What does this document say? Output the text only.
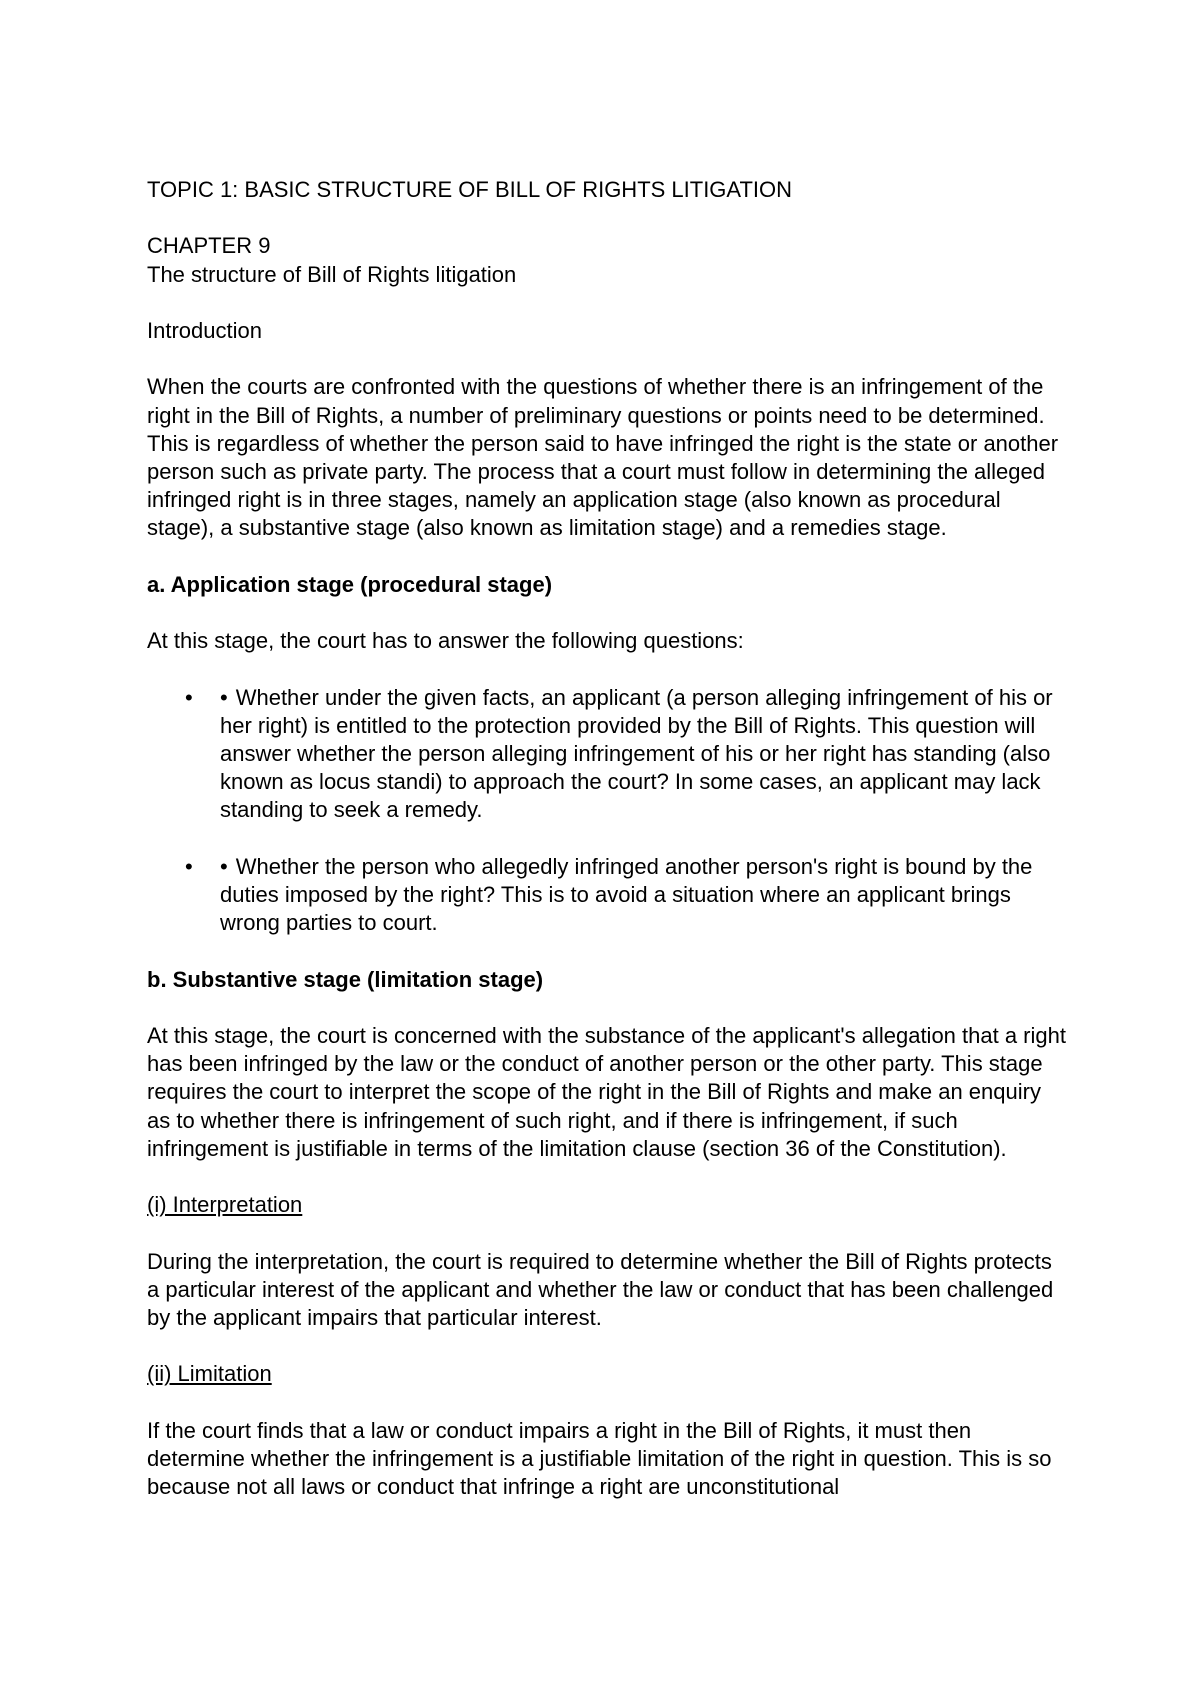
TOPIC 1: BASIC STRUCTURE OF BILL OF RIGHTS LITIGATION

CHAPTER 9

The structure of Bill of Rights litigation

Introduction

When the courts are confronted with the questions of whether there is an infringement of the right in the Bill of Rights, a number of preliminary questions or points need to be determined. This is regardless of whether the person said to have infringed the right is the state or another person such as private party. The process that a court must follow in determining the alleged infringed right is in three stages, namely an application stage (also known as procedural stage), a substantive stage (also known as limitation stage) and a remedies stage.

a. Application stage (procedural stage)

At this stage, the court has to answer the following questions:

• • Whether under the given facts, an applicant (a person alleging infringement of his or her right) is entitled to the protection provided by the Bill of Rights. This question will answer whether the person alleging infringement of his or her right has standing (also known as locus standi) to approach the court? In some cases, an applicant may lack standing to seek a remedy.
• • Whether the person who allegedly infringed another person's right is bound by the duties imposed by the right? This is to avoid a situation where an applicant brings wrong parties to court.

b. Substantive stage (limitation stage)

At this stage, the court is concerned with the substance of the applicant's allegation that a right has been infringed by the law or the conduct of another person or the other party. This stage requires the court to interpret the scope of the right in the Bill of Rights and make an enquiry as to whether there is infringement of such right, and if there is infringement, if such infringement is justifiable in terms of the limitation clause (section 36 of the Constitution).

(i) Interpretation

During the interpretation, the court is required to determine whether the Bill of Rights protects a particular interest of the applicant and whether the law or conduct that has been challenged by the applicant impairs that particular interest.

(ii) Limitation

If the court finds that a law or conduct impairs a right in the Bill of Rights, it must then determine whether the infringement is a justifiable limitation of the right in question. This is so because not all laws or conduct that infringe a right are unconstitutional
